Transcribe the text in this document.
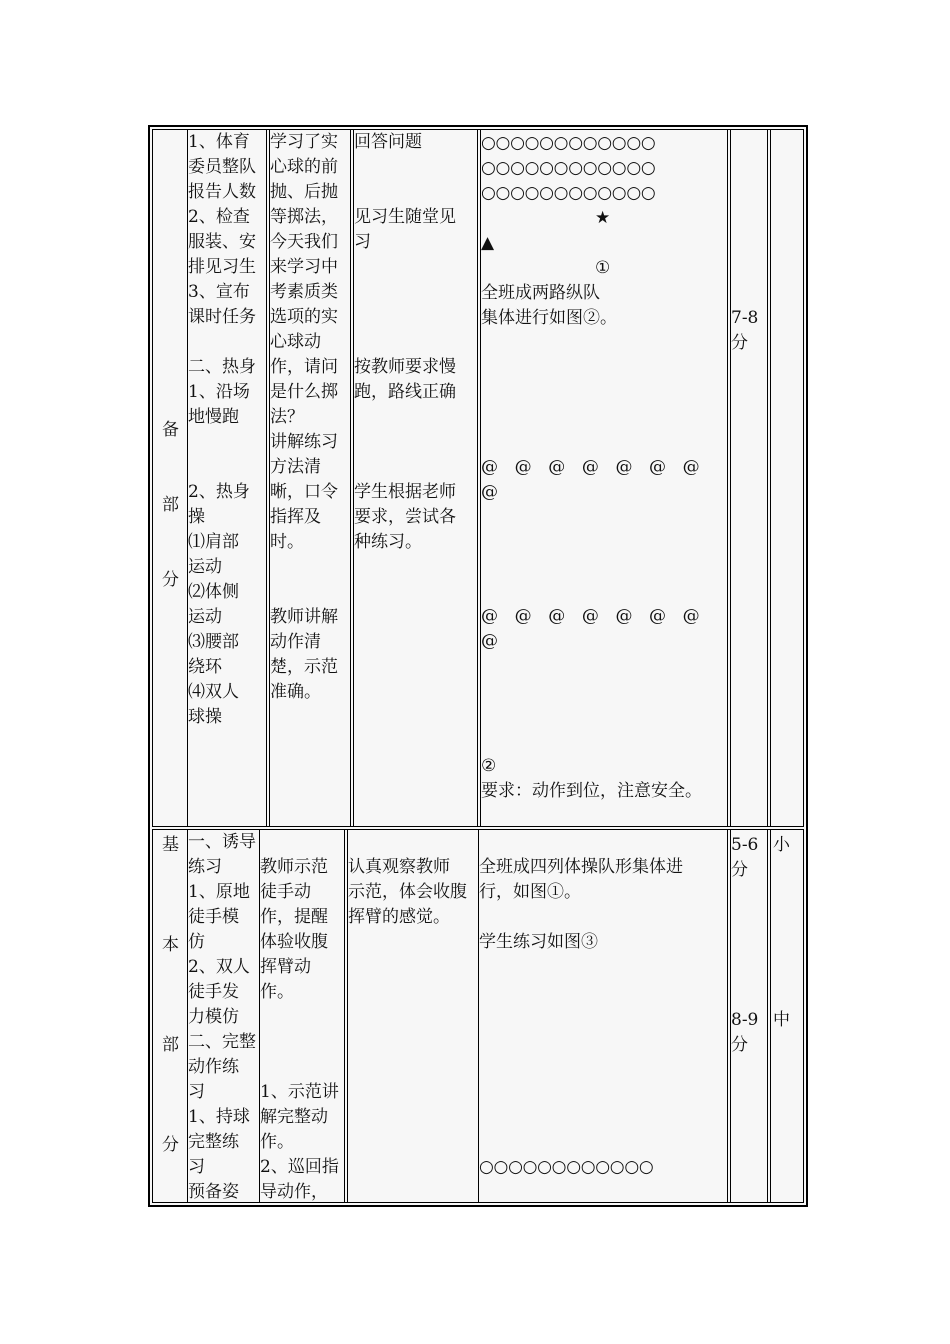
备
部
分
1、体育
委员整队
报告人数
2、检查
服装、安
排见习生
3、宣布
课时任务
二、热身
1、沿场
地慢跑
2、热身
操
⑴肩部
运动
⑵体侧
运动
⑶腰部
绕环
⑷双人
球操
学习了实
心球的前
抛、后抛
等掷法，
今天我们
来学习中
考素质类
选项的实
心球动
作，请问
是什么掷
法？
讲解练习
方法清
晰，口令
指挥及
时。
教师讲解
动作清
楚，示范
准确。
回答问题
见习生随堂见
习
按教师要求慢
跑，路线正确
学生根据老师
要求，尝试各
种练习。
○○○○○○○○○○○○
○○○○○○○○○○○○
○○○○○○○○○○○○
★
▲
①
全班成两路纵队
集体进行如图②。
@   @   @   @   @   @   @
@
@   @   @   @   @   @   @
@
②
要求：动作到位，注意安全。
7-8
分
基
本
部
分
一、诱导
练习
1、原地
徒手模
仿
2、双人
徒手发
力模仿
二、完整
动作练
习
1、持球
完整练
习
预备姿
教师示范
徒手动
作，提醒
体验收腹
挥臂动
作。
1、示范讲
解完整动
作。
2、巡回指
导动作，
认真观察教师
示范，体会收腹
挥臂的感觉。
全班成四列体操队形集体进
行，如图①。
学生练习如图③
○○○○○○○○○○○○
5-6
分
8-9
分
小
中
